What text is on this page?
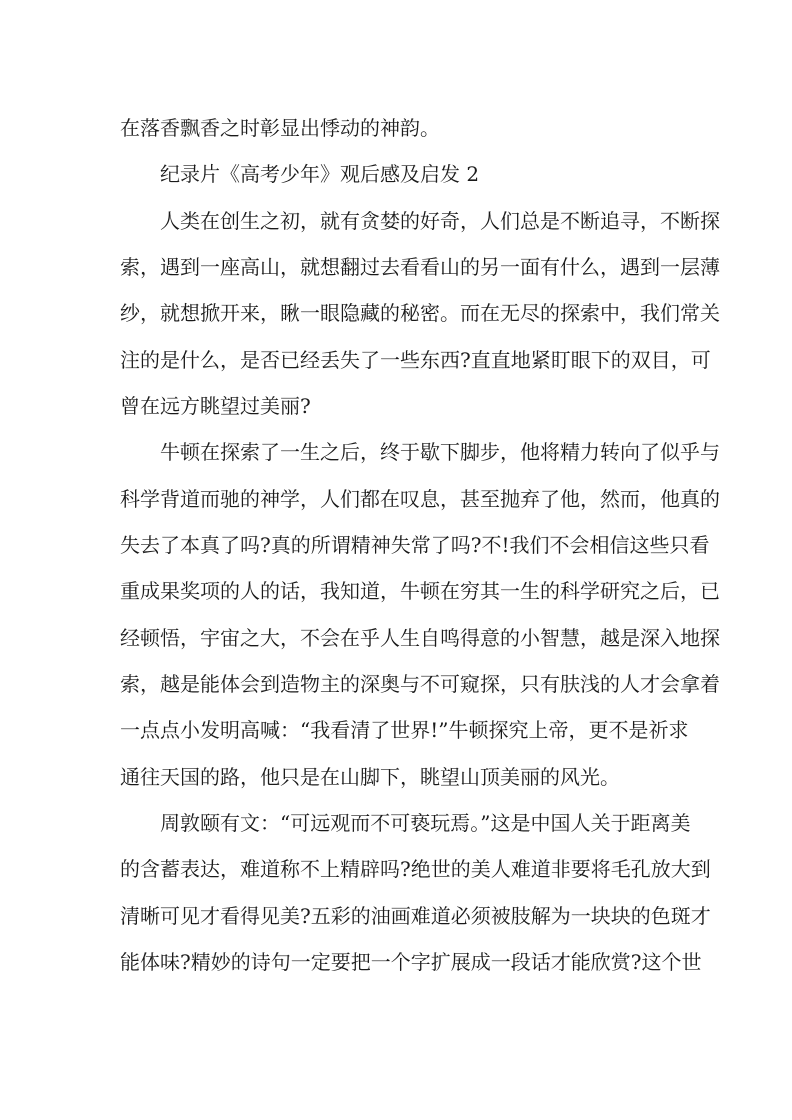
在落香飘香之时彰显出悸动的神韵。

纪录片《高考少年》观后感及启发 2

人类在创生之初，就有贪婪的好奇，人们总是不断追寻，不断探

索，遇到一座高山，就想翻过去看看山的另一面有什么，遇到一层薄

纱，就想掀开来，瞅一眼隐藏的秘密。而在无尽的探索中，我们常关

注的是什么，是否已经丢失了一些东西?直直地紧盯眼下的双目，可

曾在远方眺望过美丽?

牛顿在探索了一生之后，终于歇下脚步，他将精力转向了似乎与

科学背道而驰的神学，人们都在叹息，甚至抛弃了他，然而，他真的

失去了本真了吗?真的所谓精神失常了吗?不!我们不会相信这些只看

重成果奖项的人的话，我知道，牛顿在穷其一生的科学研究之后，已

经顿悟，宇宙之大，不会在乎人生自鸣得意的小智慧，越是深入地探

索，越是能体会到造物主的深奥与不可窥探，只有肤浅的人才会拿着

一点点小发明高喊：“我看清了世界!”牛顿探究上帝，更不是祈求

通往天国的路，他只是在山脚下，眺望山顶美丽的风光。

周敦颐有文：“可远观而不可亵玩焉。”这是中国人关于距离美

的含蓄表达，难道称不上精辟吗?绝世的美人难道非要将毛孔放大到

清晰可见才看得见美?五彩的油画难道必须被肢解为一块块的色斑才

能体味?精妙的诗句一定要把一个字扩展成一段话才能欣赏?这个世
